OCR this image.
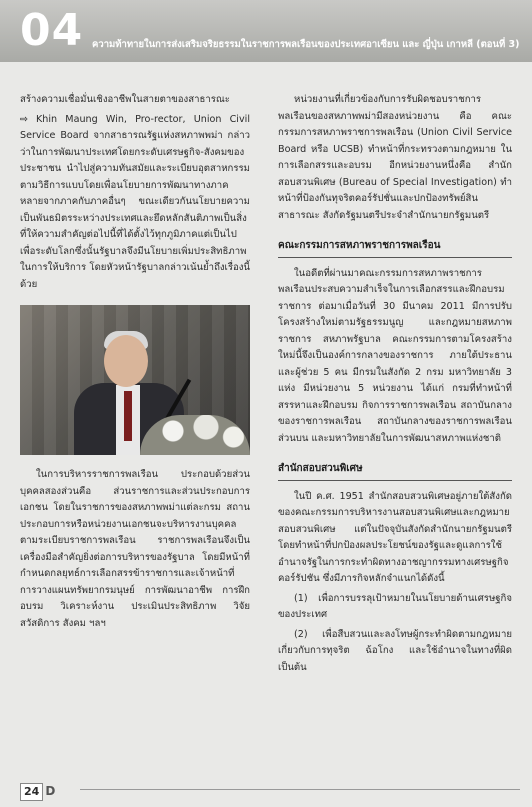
04 ความท้าทายในการส่งเสริมจริยธรรมในราชการพลเรือนของประเทศอาเซียน และ ญี่ปุ่น เกาหลี (ตอนที่ 3)

สร้างความเชื่อมั่นเชิงอาชีพในสายตาของสาธารณะ

⇨ Khin Maung Win, Pro-rector, Union Civil Service Board จากสาธารณรัฐแห่งสหภาพพม่า กล่าวว่าในการพัฒนาประเทศโดยกระดับเศรษฐกิจ-สังคมของประชาชน นำไปสู่ความทันสมัยและระเบียบอุตสาหกรรมตามวิธีการแบบโดยเพื่อนโยบายการพัฒนาทางภาคหลายจากภาคกับภาคอื่นๆ ขณะเดียวกันนโยบายความเป็นพันธมิตรระหว่างประเทศและยึดหลักสันติภาพเป็นสิ่งที่ให้ความสำคัญต่อไปนี้ที่ได้ตั้งไว้ทุกภูมิภาคแต่เป็นไปเพื่อระดับโลกซึ่งนั้นรัฐบาลจึงมีนโยบายเพิ่มประสิทธิภาพในการให้บริการ โดยหัวหน้ารัฐบาลกล่าวเน้นย้ำถึงเรื่องนี้ด้วย

ในการบริหารราชการพลเรือน ประกอบด้วยส่วนบุคคลสองส่วนคือ ส่วนราชการและส่วนประกอบการเอกชน โดยในราชการของสหภาพพม่าแต่ละกรม สถานประกอบการหรือหน่วยงานเอกชนจะบริหารงานบุคคลตามระเบียบราชการพลเรือน ราชการพลเรือนจึงเป็นเครื่องมือสำคัญยิ่งต่อการบริหารของรัฐบาล โดยมีหน้าที่กำหนดกลยุทธ์การเลือกสรรข้าราชการและเจ้าหน้าที่ การวางแผนทรัพยากรมนุษย์ การพัฒนาอาชีพ การฝึกอบรม วิเคราะห์งาน ประเมินประสิทธิภาพ วิจัย สวัสดิการ สังคม ฯลฯ

หน่วยงานที่เกี่ยวข้องกับการรับผิดชอบราชการพลเรือนของสหภาพพม่ามีสองหน่วยงาน คือ คณะกรรมการสหภาพราชการพลเรือน (Union Civil Service Board หรือ UCSB) ทำหน้าที่กระทรวงตามกฎหมาย ในการเลือกสรรและอบรม อีกหน่วยงานหนึ่งคือ สำนักสอบสวนพิเศษ (Bureau of Special Investigation) ทำหน้าที่ป้องกันทุจริตคอร์รัปชั่นและปกป้องทรัพย์สินสาธารณะ สังกัดรัฐมนตรีประจำสำนักนายกรัฐมนตรี

คณะกรรมการสหภาพราชการพลเรือน

ในอดีตที่ผ่านมาคณะกรรมการสหภาพราชการพลเรือนประสบความสำเร็จในการเลือกสรรและฝึกอบรมราชการ ต่อมาเมื่อวันที่ 30 มีนาคม 2011 มีการปรับโครงสร้างใหม่ตามรัฐธรรมนูญ และกฎหมายสหภาพราชการ สหภาพรัฐบาล คณะกรรมการตามโครงสร้างใหม่นี้จึงเป็นองค์การกลางของราชการ ภายใต้ประธานและผู้ช่วย 5 คน มีกรมในสังกัด 2 กรม มหาวิทยาลัย 3 แห่ง มีหน่วยงาน 5 หน่วยงาน ได้แก่ กรมที่ทำหน้าที่สรรหาและฝึกอบรม กิจการราชการพลเรือน สถาบันกลางของราชการพลเรือน สถาบันกลางของราชการพลเรือนส่วนบน และมหาวิทยาลัยในการพัฒนาสหภาพแห่งชาติ

สำนักสอบสวนพิเศษ

ในปี ค.ศ. 1951 สำนักสอบสวนพิเศษอยู่ภายใต้สังกัดของคณะกรรมการบริหารงานสอบสวนพิเศษและกฎหมายสอบสวนพิเศษ แต่ในปัจจุบันสังกัดสำนักนายกรัฐมนตรี โดยทำหน้าที่ปกป้องผลประโยชน์ของรัฐและดูแลการใช้อำนาจรัฐในการกระทำผิดทางอาชญากรรมทางเศรษฐกิจ คอร์รัปชัน ซึ่งมีภารกิจหลักจำแนกได้ดังนี้

(1) เพื่อการบรรลุเป้าหมายในนโยบายด้านเศรษฐกิจของประเทศ

(2) เพื่อสืบสวนและลงโทษผู้กระทำผิดตามกฎหมายเกี่ยวกับการทุจริต ฉ้อโกง และใช้อำนาจในทางที่ผิด เป็นต้น

24 D
